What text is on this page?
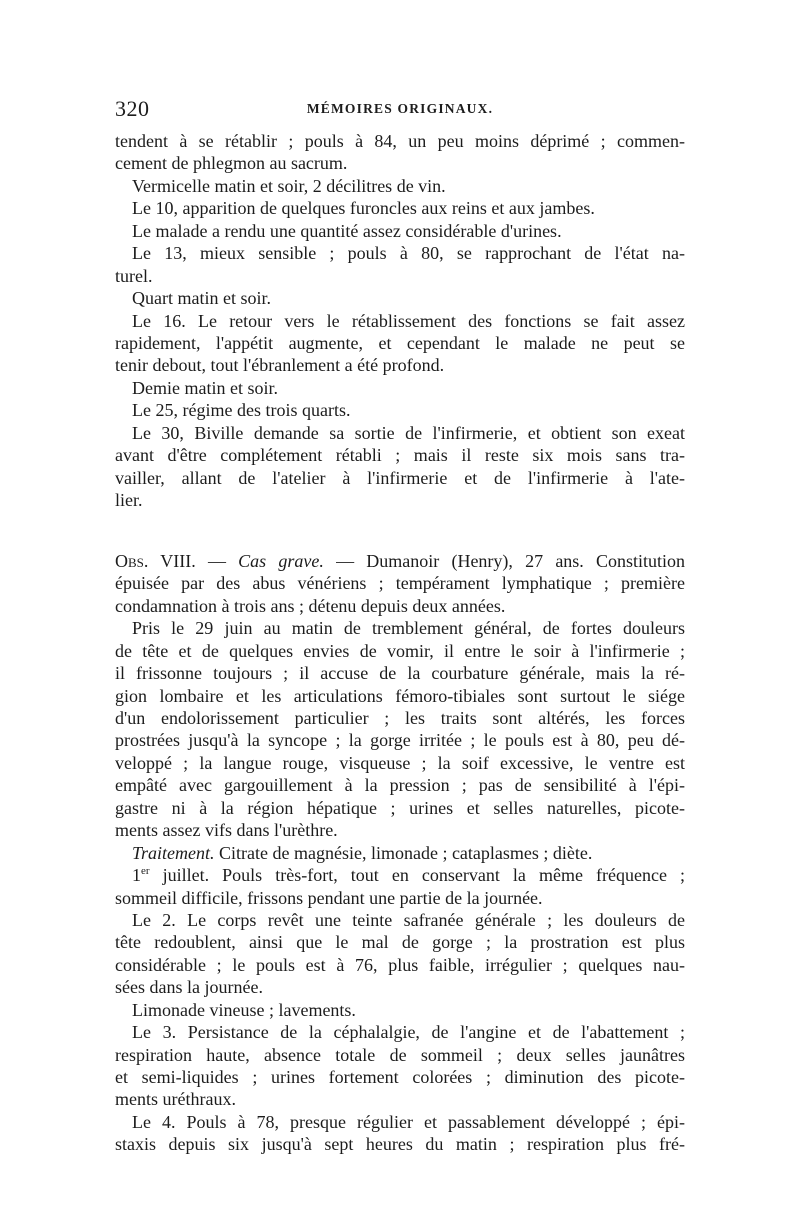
320	MÉMOIRES ORIGINAUX.
tendent à se rétablir ; pouls à 84, un peu moins déprimé ; commen-
cement de phlegmon au sacrum.
Vermicelle matin et soir, 2 décilitres de vin.
Le 10, apparition de quelques furoncles aux reins et aux jambes.
Le malade a rendu une quantité assez considérable d'urines.
Le 13, mieux sensible ; pouls à 80, se rapprochant de l'état na-
turel.
Quart matin et soir.
Le 16. Le retour vers le rétablissement des fonctions se fait assez
rapidement, l'appétit augmente, et cependant le malade ne peut se
tenir debout, tout l'ébranlement a été profond.
Demie matin et soir.
Le 25, régime des trois quarts.
Le 30, Biville demande sa sortie de l'infirmerie, et obtient son exeat
avant d'être complétement rétabli ; mais il reste six mois sans tra-
vailler, allant de l'atelier à l'infirmerie et de l'infirmerie à l'ate-
lier.
Obs. VIII. — Cas grave. — Dumanoir (Henry), 27 ans. Constitution
épuisée par des abus vénériens ; tempérament lymphatique ; première
condamnation à trois ans ; détenu depuis deux années.
Pris le 29 juin au matin de tremblement général, de fortes douleurs
de tête et de quelques envies de vomir, il entre le soir à l'infirmerie ;
il frissonne toujours ; il accuse de la courbature générale, mais la ré-
gion lombaire et les articulations fémoro-tibiales sont surtout le siége
d'un endolorissement particulier ; les traits sont altérés, les forces
prostrées jusqu'à la syncope ; la gorge irritée ; le pouls est à 80, peu dé-
veloppé ; la langue rouge, visqueuse ; la soif excessive, le ventre est
empâté avec gargouillement à la pression ; pas de sensibilité à l'épi-
gastre ni à la région hépatique ; urines et selles naturelles, picote-
ments assez vifs dans l'urèthre.
Traitement. Citrate de magnésie, limonade ; cataplasmes ; diète.
1er juillet. Pouls très-fort, tout en conservant la même fréquence ;
sommeil difficile, frissons pendant une partie de la journée.
Le 2. Le corps revêt une teinte safranée générale ; les douleurs de
tête redoublent, ainsi que le mal de gorge ; la prostration est plus
considérable ; le pouls est à 76, plus faible, irrégulier ; quelques nau-
sées dans la journée.
Limonade vineuse ; lavements.
Le 3. Persistance de la céphalalgie, de l'angine et de l'abattement ;
respiration haute, absence totale de sommeil ; deux selles jaunâtres
et semi-liquides ; urines fortement colorées ; diminution des picote-
ments uréthraux.
Le 4. Pouls à 78, presque régulier et passablement développé ; épi-
staxis depuis six jusqu'à sept heures du matin ; respiration plus fré-
